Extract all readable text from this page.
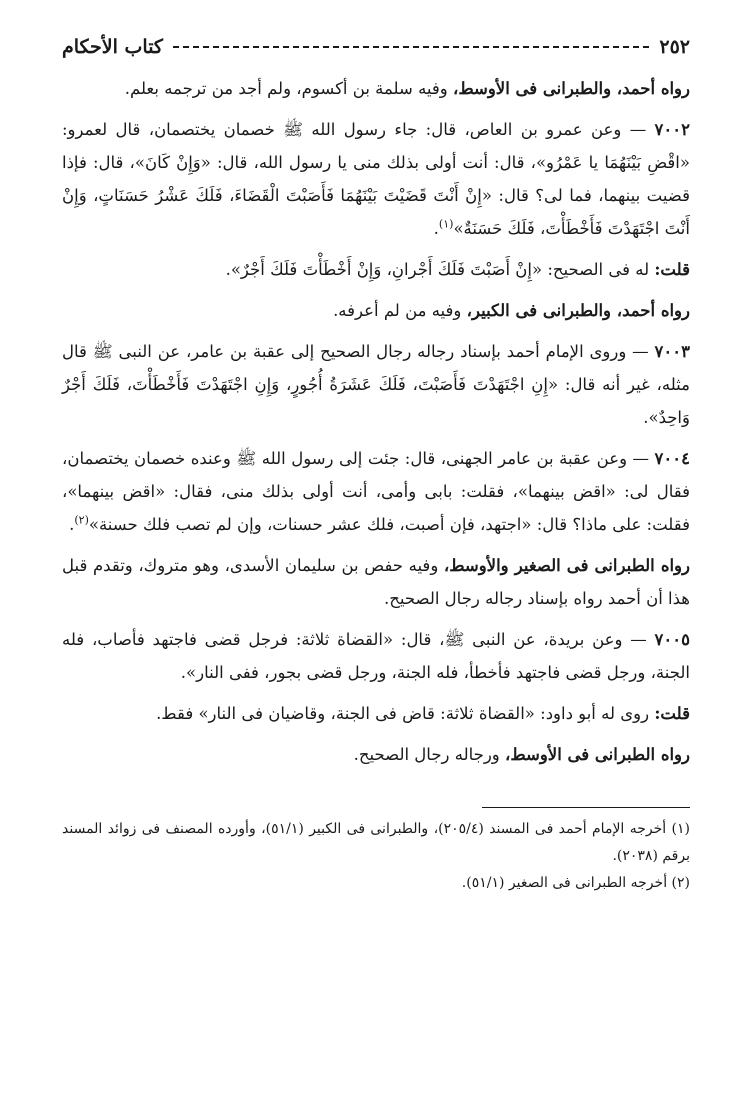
٢٥٢
كتاب الأحكام

رواه أحمد، والطبرانى فى الأوسط، وفيه سلمة بن أكسوم، ولم أجد من ترجمه بعلم.

٧٠٠٢ — وعن عمرو بن العاص، قال: جاء رسول الله ﷺ خصمان يختصمان، قال لعمرو: «اقْضِ بَيْنَهُمَا يا عَمْرُو»، قال: أنت أولى بذلك منى يا رسول الله، قال: «وَإِنْ كَانَ»، قال: فإذا قضيت بينهما، فما لى؟ قال: «إِنْ أَنْتَ قَضَيْتَ بَيْنَهُمَا فَأَصَبْتَ الْقَضَاءَ، فَلَكَ عَشْرُ حَسَنَاتٍ، وَإِنْ أَنْتَ اجْتَهَدْتَ فَأَخْطَأْتَ، فَلَكَ حَسَنَةٌ»$^{(١)}$.

قلت: له فى الصحيح: «إِنْ أَصَبْتَ فَلَكَ أَجْرانِ، وَإِنْ أَخْطَأْتَ فَلَكَ أَجْرٌ».

رواه أحمد، والطبرانى فى الكبير، وفيه من لم أعرفه.

٧٠٠٣ — وروى الإمام أحمد بإسناد رجاله رجال الصحيح إلى عقبة بن عامر، عن النبى ﷺ قال مثله، غير أنه قال: «إِنِ اجْتَهَدْتَ فَأَصَبْتَ، فَلَكَ عَشَرَةُ أُجُورٍ، وَإِنِ اجْتَهَدْتَ فَأَخْطَأْتَ، فَلَكَ أَجْرٌ وَاحِدٌ».

٧٠٠٤ — وعن عقبة بن عامر الجهنى، قال: جئت إلى رسول الله ﷺ وعنده خصمان يختصمان، فقال لى: «اقض بينهما»، فقلت: بابى وأمى، أنت أولى بذلك منى، فقال: «اقض بينهما»، فقلت: على ماذا؟ قال: «اجتهد، فإن أصبت، فلك عشر حسنات، وإن لم تصب فلك حسنة»$^{(٢)}$.

رواه الطبرانى فى الصغير والأوسط، وفيه حفص بن سليمان الأسدى، وهو متروك، وتقدم قبل هذا أن أحمد رواه بإسناد رجاله رجال الصحيح.

٧٠٠٥ — وعن بريدة، عن النبى ﷺ، قال: «القضاة ثلاثة: فرجل قضى فاجتهد فأصاب، فله الجنة، ورجل قضى فاجتهد فأخطأ، فله الجنة، ورجل قضى بجور، ففى النار».

قلت: روى له أبو داود: «القضاة ثلاثة: قاض فى الجنة، وقاضيان فى النار» فقط.

رواه الطبرانى فى الأوسط، ورجاله رجال الصحيح.

(١) أخرجه الإمام أحمد فى المسند (٢٠٥/٤)، والطبرانى فى الكبير (٥١/١)، وأورده المصنف فى زوائد المسند برقم (٢٠٣٨).

(٢) أخرجه الطبرانى فى الصغير (٥١/١).
